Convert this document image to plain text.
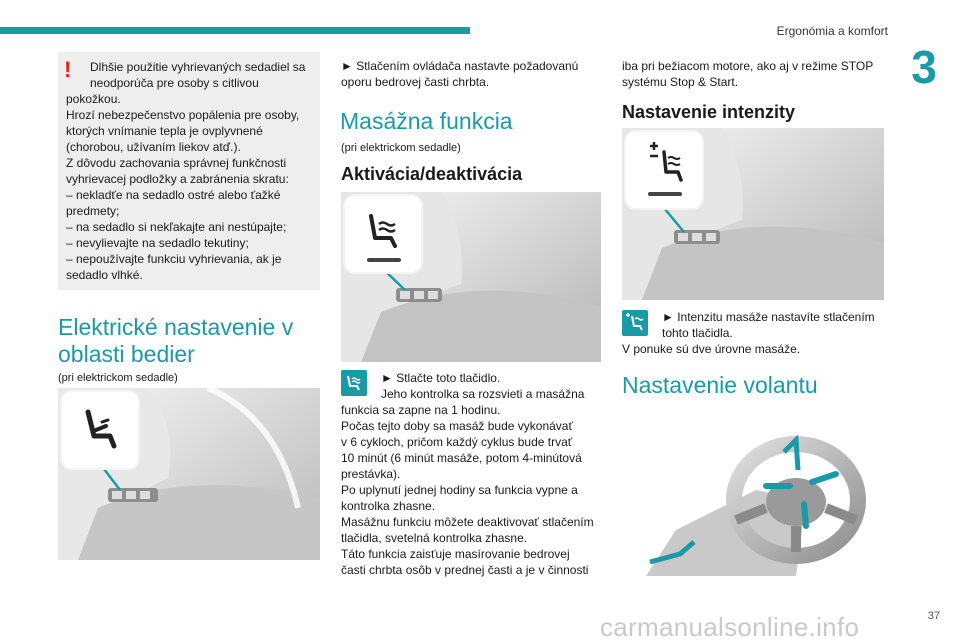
Ergonómia a komfort
3

Dlhšie použitie vyhrievaných sedadiel sa

neodporúča pre osoby s citlivou

pokožkou.

Hrozí nebezpečenstvo popálenia pre osoby,

ktorých vnímanie tepla je ovplyvnené

(chorobou, užívaním liekov atď.).

Z dôvodu zachovania správnej funkčnosti

vyhrievacej podložky a zabránenia skratu:

– nekladťe na sedadlo ostré alebo ťažké

predmety;

– na sedadlo si nekľakajte ani nestúpajte;

– nevylievajte na sedadlo tekutiny;

– nepoužívajte funkciu vyhrievania, ak je

sedadlo vlhké.

!

Elektrické nastavenie v

oblasti bedier

(pri elektrickom sedadle)

► Stlačením ovládača nastavte požadovanú

oporu bedrovej časti chrbta.

Masážna funkcia

(pri elektrickom sedadle)

Aktivácia/deaktivácia

► Stlačte toto tlačidlo.

Jeho kontrolka sa rozsvieti a masážna

funkcia sa zapne na 1 hodinu.

Počas tejto doby sa masáž bude vykonávať

v 6 cykloch, pričom každý cyklus bude trvať

10 minút (6 minút masáže, potom 4-minútová

prestávka).

Po uplynutí jednej hodiny sa funkcia vypne a

kontrolka zhasne.

Masážnu funkciu môžete deaktivovať stlačením

tlačidla, svetelná kontrolka zhasne.

Táto funkcia zaisťuje masírovanie bedrovej

časti chrbta osôb v prednej časti a je v činnosti

iba pri bežiacom motore, ako aj v režime STOP

systému Stop & Start.

Nastavenie intenzity

► Intenzitu masáže nastavíte stlačením

tohto tlačidla.

V ponuke sú dve úrovne masáže.

Nastavenie volantu

carmanualsonline.info	37
